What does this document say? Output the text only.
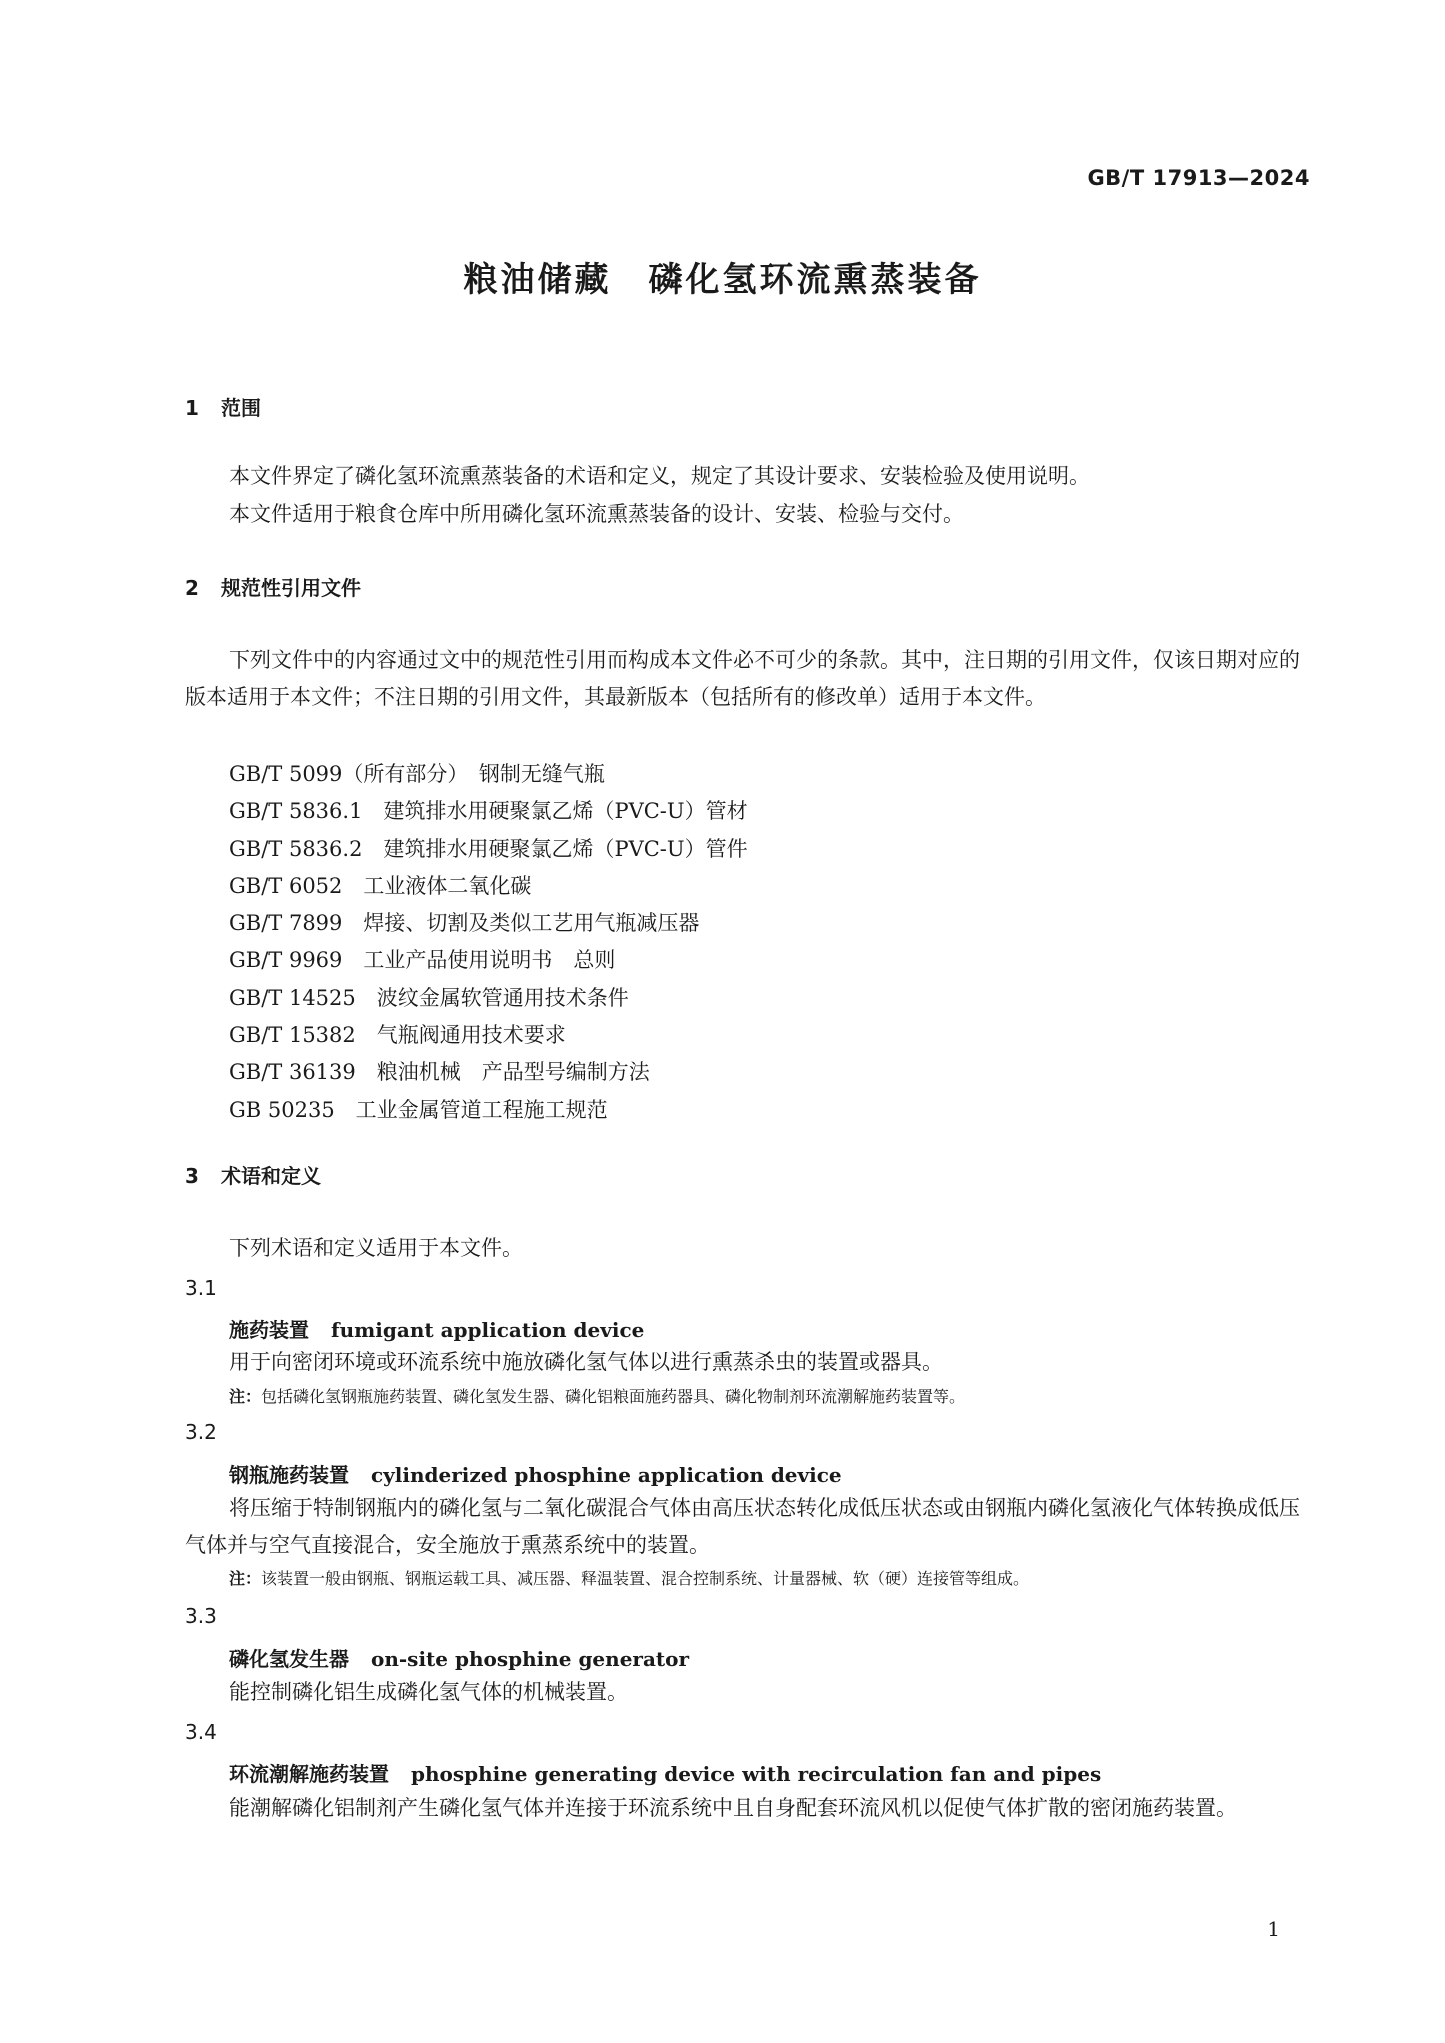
GB/T 17913—2024
粮油储藏　磷化氢环流熏蒸装备
1 范围
本文件界定了磷化氢环流熏蒸装备的术语和定义，规定了其设计要求、安装检验及使用说明。
本文件适用于粮食仓库中所用磷化氢环流熏蒸装备的设计、安装、检验与交付。
2 规范性引用文件
下列文件中的内容通过文中的规范性引用而构成本文件必不可少的条款。其中，注日期的引用文件，仅该日期对应的版本适用于本文件；不注日期的引用文件，其最新版本（包括所有的修改单）适用于本文件。
GB/T 5099（所有部分）　钢制无缝气瓶
GB/T 5836.1　建筑排水用硬聚氯乙烯（PVC-U）管材
GB/T 5836.2　建筑排水用硬聚氯乙烯（PVC-U）管件
GB/T 6052　工业液体二氧化碳
GB/T 7899　焊接、切割及类似工艺用气瓶减压器
GB/T 9969　工业产品使用说明书　总则
GB/T 14525　波纹金属软管通用技术条件
GB/T 15382　气瓶阀通用技术要求
GB/T 36139　粮油机械　产品型号编制方法
GB 50235　工业金属管道工程施工规范
3 术语和定义
下列术语和定义适用于本文件。
3.1
施药装置 fumigant application device
用于向密闭环境或环流系统中施放磷化氢气体以进行熏蒸杀虫的装置或器具。
注：包括磷化氢钢瓶施药装置、磷化氢发生器、磷化铝粮面施药器具、磷化物制剂环流潮解施药装置等。
3.2
钢瓶施药装置 cylinderized phosphine application device
将压缩于特制钢瓶内的磷化氢与二氧化碳混合气体由高压状态转化成低压状态或由钢瓶内磷化氢液化气体转换成低压气体并与空气直接混合，安全施放于熏蒸系统中的装置。
注：该装置一般由钢瓶、钢瓶运载工具、减压器、释温装置、混合控制系统、计量器械、软（硬）连接管等组成。
3.3
磷化氢发生器 on-site phosphine generator
能控制磷化铝生成磷化氢气体的机械装置。
3.4
环流潮解施药装置 phosphine generating device with recirculation fan and pipes
能潮解磷化铝制剂产生磷化氢气体并连接于环流系统中且自身配套环流风机以促使气体扩散的密闭施药装置。
1
